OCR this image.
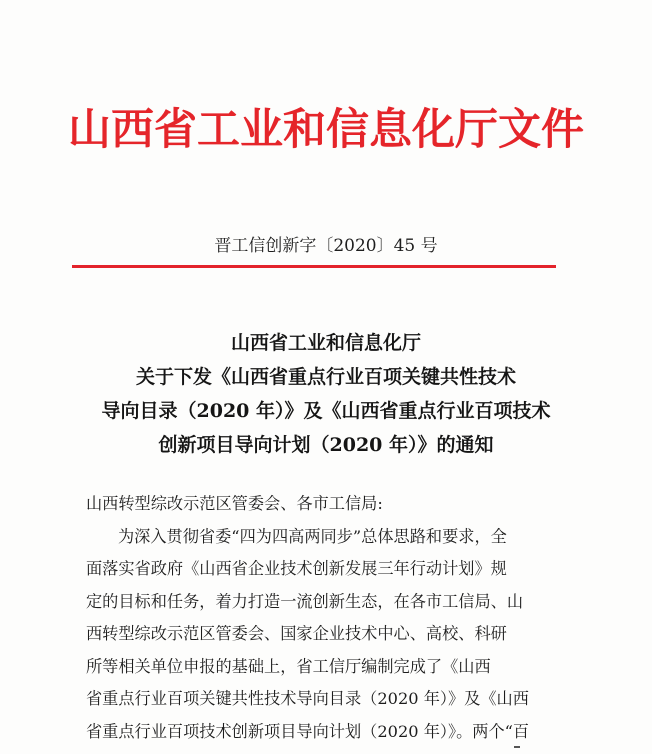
山西省工业和信息化厅文件
晋工信创新字〔2020〕45 号
山西省工业和信息化厅
关于下发《山西省重点行业百项关键共性技术
导向目录（2020 年）》及《山西省重点行业百项技术
创新项目导向计划（2020 年）》的通知
山西转型综改示范区管委会、各市工信局:
为深入贯彻省委“四为四高两同步”总体思路和要求，全
面落实省政府《山西省企业技术创新发展三年行动计划》规
定的目标和任务，着力打造一流创新生态，在各市工信局、山
西转型综改示范区管委会、国家企业技术中心、高校、科研
所等相关单位申报的基础上，省工信厅编制完成了《山西
省重点行业百项关键共性技术导向目录（2020 年）》及《山西
省重点行业百项技术创新项目导向计划（2020 年）》。两个“百
